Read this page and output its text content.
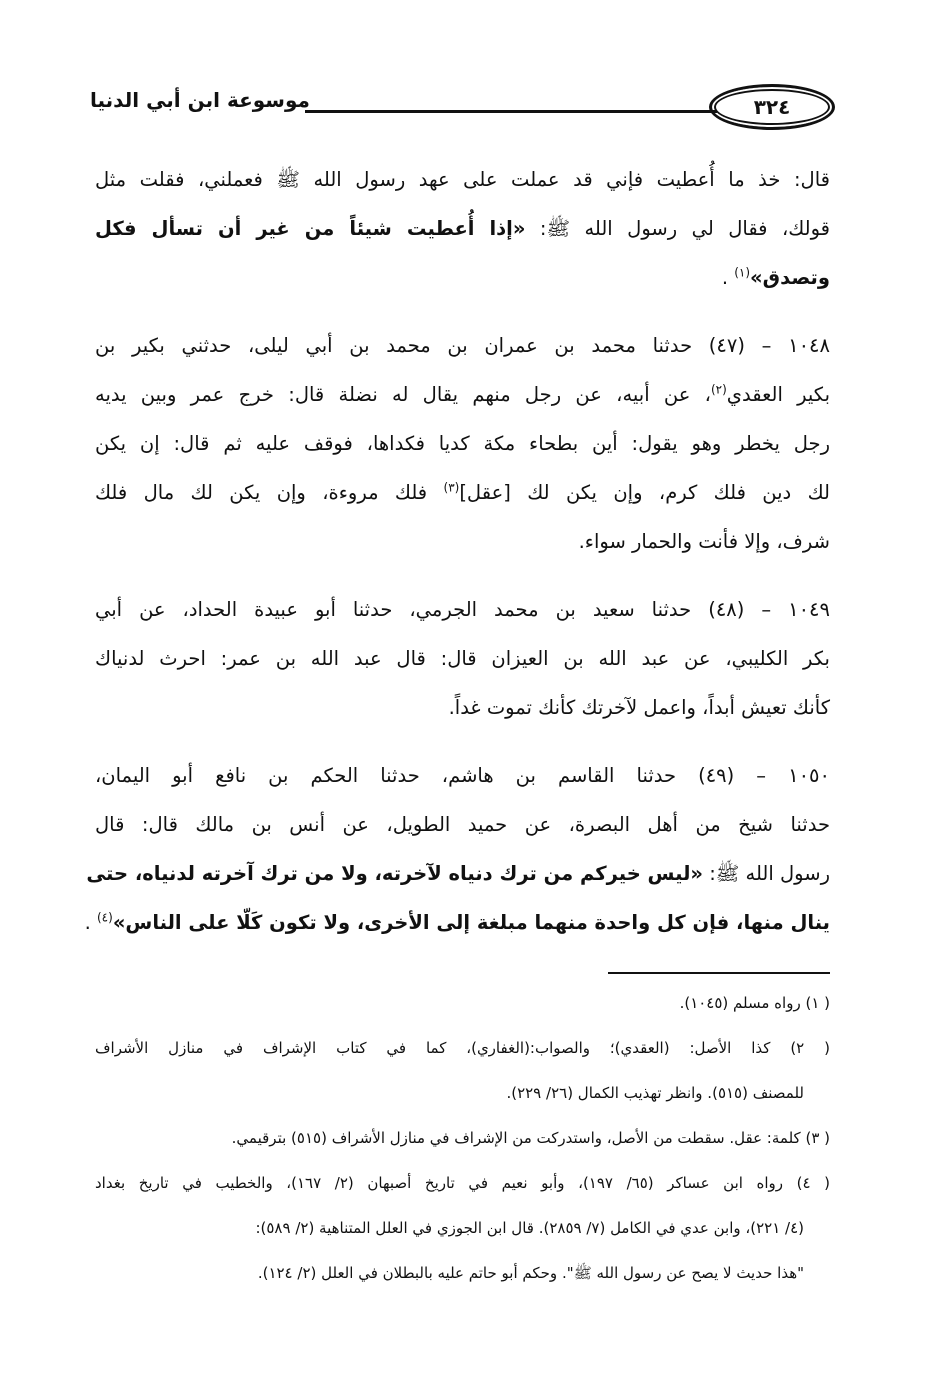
٣٢٤
موسوعة ابن أبي الدنيا
قال: خذ ما أُعطيت فإني قد عملت على عهد رسول الله ﷺ فعملني، فقلت مثل
قولك، فقال لي رسول الله ﷺ: «إذا أُعطيت شيئاً من غير أن تسأل فكل
وتصدق»$^{(١)}$ .
١٠٤٨ – (٤٧) حدثنا محمد بن عمران بن محمد بن أبي ليلى، حدثني بكير بن
بكير العقدي$^{(٢)}$، عن أبيه، عن رجل منهم يقال له نضلة قال: خرج عمر وبين يديه
رجل يخطر وهو يقول: أين بطحاء مكة كديا فكداها، فوقف عليه ثم قال: إن يكن
لك دين فلك كرم، وإن يكن لك [عقل]$^{(٣)}$ فلك مروءة، وإن يكن لك مال فلك
شرف، وإلا فأنت والحمار سواء.
١٠٤٩ – (٤٨) حدثنا سعيد بن محمد الجرمي، حدثنا أبو عبيدة الحداد، عن أبي
بكر الكليبي، عن عبد الله بن العيزان قال: قال عبد الله بن عمر: احرث لدنياك
كأنك تعيش أبداً، واعمل لآخرتك كأنك تموت غداً.
١٠٥٠ – (٤٩) حدثنا القاسم بن هاشم، حدثنا الحكم بن نافع أبو اليمان،
حدثنا شيخ من أهل البصرة، عن حميد الطويل، عن أنس بن مالك قال: قال
رسول الله ﷺ: «ليس خيركم من ترك دنياه لآخرته، ولا من ترك آخرته لدنياه، حتى
ينال منها، فإن كل واحدة منهما مبلغة إلى الأخرى، ولا تكون كَلّا على الناس»$^{(٤)}$ .
( ١) رواه مسلم (١٠٤٥).
( ٢) كذا الأصل: (العقدي)؛ والصواب:(الغفاري)، كما في كتاب الإشراف في منازل الأشراف
للمصنف (٥١٥). وانظر تهذيب الكمال (٢٦/ ٢٢٩).
( ٣) كلمة: عقل. سقطت من الأصل، واستدركت من الإشراف في منازل الأشراف (٥١٥) بترقيمي.
( ٤) رواه ابن عساكر (٦٥/ ١٩٧)، وأبو نعيم في تاريخ أصبهان (٢/ ١٦٧)، والخطيب في تاريخ بغداد
(٤/ ٢٢١)، وابن عدي في الكامل (٧/ ٢٨٥٩). قال ابن الجوزي في العلل المتناهية (٢/ ٥٨٩):
"هذا حديث لا يصح عن رسول الله ﷺ". وحكم أبو حاتم عليه بالبطلان في العلل (٢/ ١٢٤).
